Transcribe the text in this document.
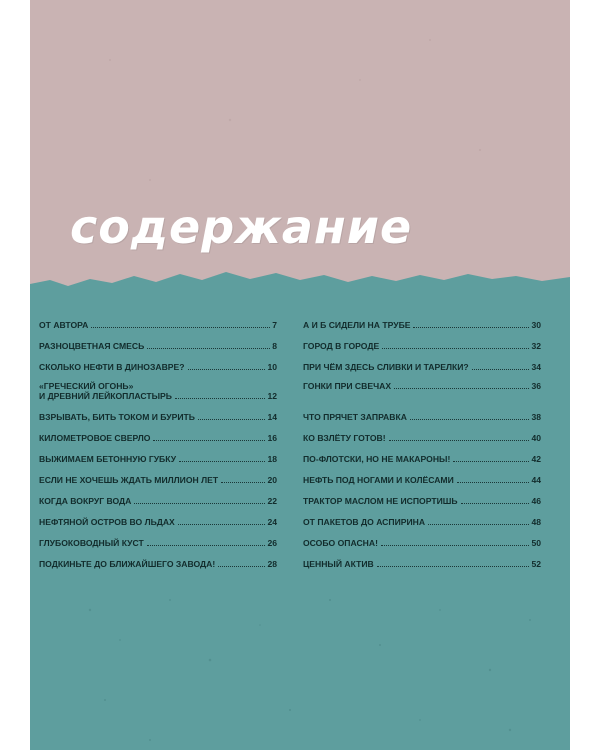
содержание
ОТ АВТОРА	7
РАЗНОЦВЕТНАЯ СМЕСЬ	8
СКОЛЬКО НЕФТИ В ДИНОЗАВРЕ?	10
«ГРЕЧЕСКИЙ ОГОНЬ»
И ДРЕВНИЙ ЛЕЙКОПЛАСТЫРЬ	12
ВЗРЫВАТЬ, БИТЬ ТОКОМ И БУРИТЬ	14
КИЛОМЕТРОВОЕ СВЕРЛО	16
ВЫЖИМАЕМ БЕТОННУЮ ГУБКУ	18
ЕСЛИ НЕ ХОЧЕШЬ ЖДАТЬ МИЛЛИОН ЛЕТ	20
КОГДА ВОКРУГ ВОДА	22
НЕФТЯНОЙ ОСТРОВ ВО ЛЬДАХ	24
ГЛУБОКОВОДНЫЙ КУСТ	26
ПОДКИНЬТЕ ДО БЛИЖАЙШЕГО ЗАВОДА!	28
А И Б СИДЕЛИ НА ТРУБЕ	30
ГОРОД В ГОРОДЕ	32
ПРИ ЧЁМ ЗДЕСЬ СЛИВКИ И ТАРЕЛКИ?	34
ГОНКИ ПРИ СВЕЧАХ	36
ЧТО ПРЯЧЕТ ЗАПРАВКА	38
КО ВЗЛЁТУ ГОТОВ!	40
ПО-ФЛОТСКИ, НО НЕ МАКАРОНЫ!	42
НЕФТЬ ПОД НОГАМИ И КОЛЁСАМИ	44
ТРАКТОР МАСЛОМ НЕ ИСПОРТИШЬ	46
ОТ ПАКЕТОВ ДО АСПИРИНА	48
ОСОБО ОПАСНА!	50
ЦЕННЫЙ АКТИВ	52
